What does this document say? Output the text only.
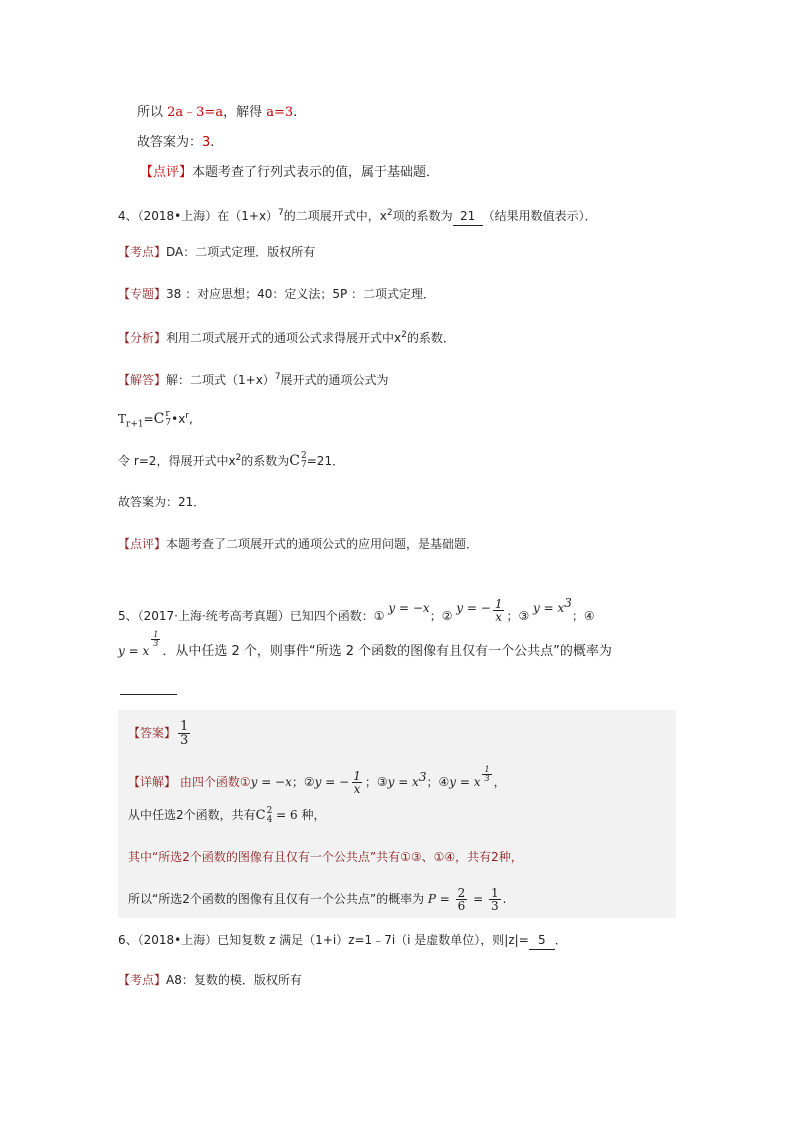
所以 2a﹣3=a，解得 a=3.
故答案为：3.
【点评】本题考查了行列式表示的值，属于基础题．
4、（2018•上海）在$(1+x)^7$的二项展开式中，$x^2$项的系数为 21 （结果用数值表示）．
【考点】DA：二项式定理．版权所有
【专题】38 ：对应思想；40：定义法；5P ：二项式定理．
【分析】利用二项式展开式的通项公式求得展开式中$x^2$的系数．
【解答】解：二项式$(1+x)^7$展开式的通项公式为
$T_{r+1}= C$ r
7 $•x^r$,
令 r=2，得展开式中$x^2$的系数为 C 2
7 =21．
故答案为：21．
【点评】本题考查了二项展开式的通项公式的应用问题，是基础题．
5、（2017·上海·统考高考真题）已知四个函数：① y = −x；② y = − $\frac{1}{x}$ ；③ $y = x^3$；④
y = x
$\frac{1}{3}$
．从中任选 2 个，则事件“所选 2 个函数的图像有且仅有一个公共点”的概率为
【答案】 $\frac{1}{3}$
【详解】 由四个函数①y = −x；②y = − $\frac{1}{x}$ ；③y = $x^3$；④y = x $\frac{1}{3}$ ，
从中任选2个函数，共有 C 2
4 = 6 种，
其中“所选2个函数的图像有且仅有一个公共点”共有①③、①④，共有2种，
所以“所选2个函数的图像有且仅有一个公共点”的概率为 $P = \frac{2}{6} = \frac{1}{3}$ .
6、（2018•上海）已知复数 z 满足（1+i）z=1﹣7i（i 是虚数单位），则|z|= 5 ．
【考点】A8：复数的模．版权所有
